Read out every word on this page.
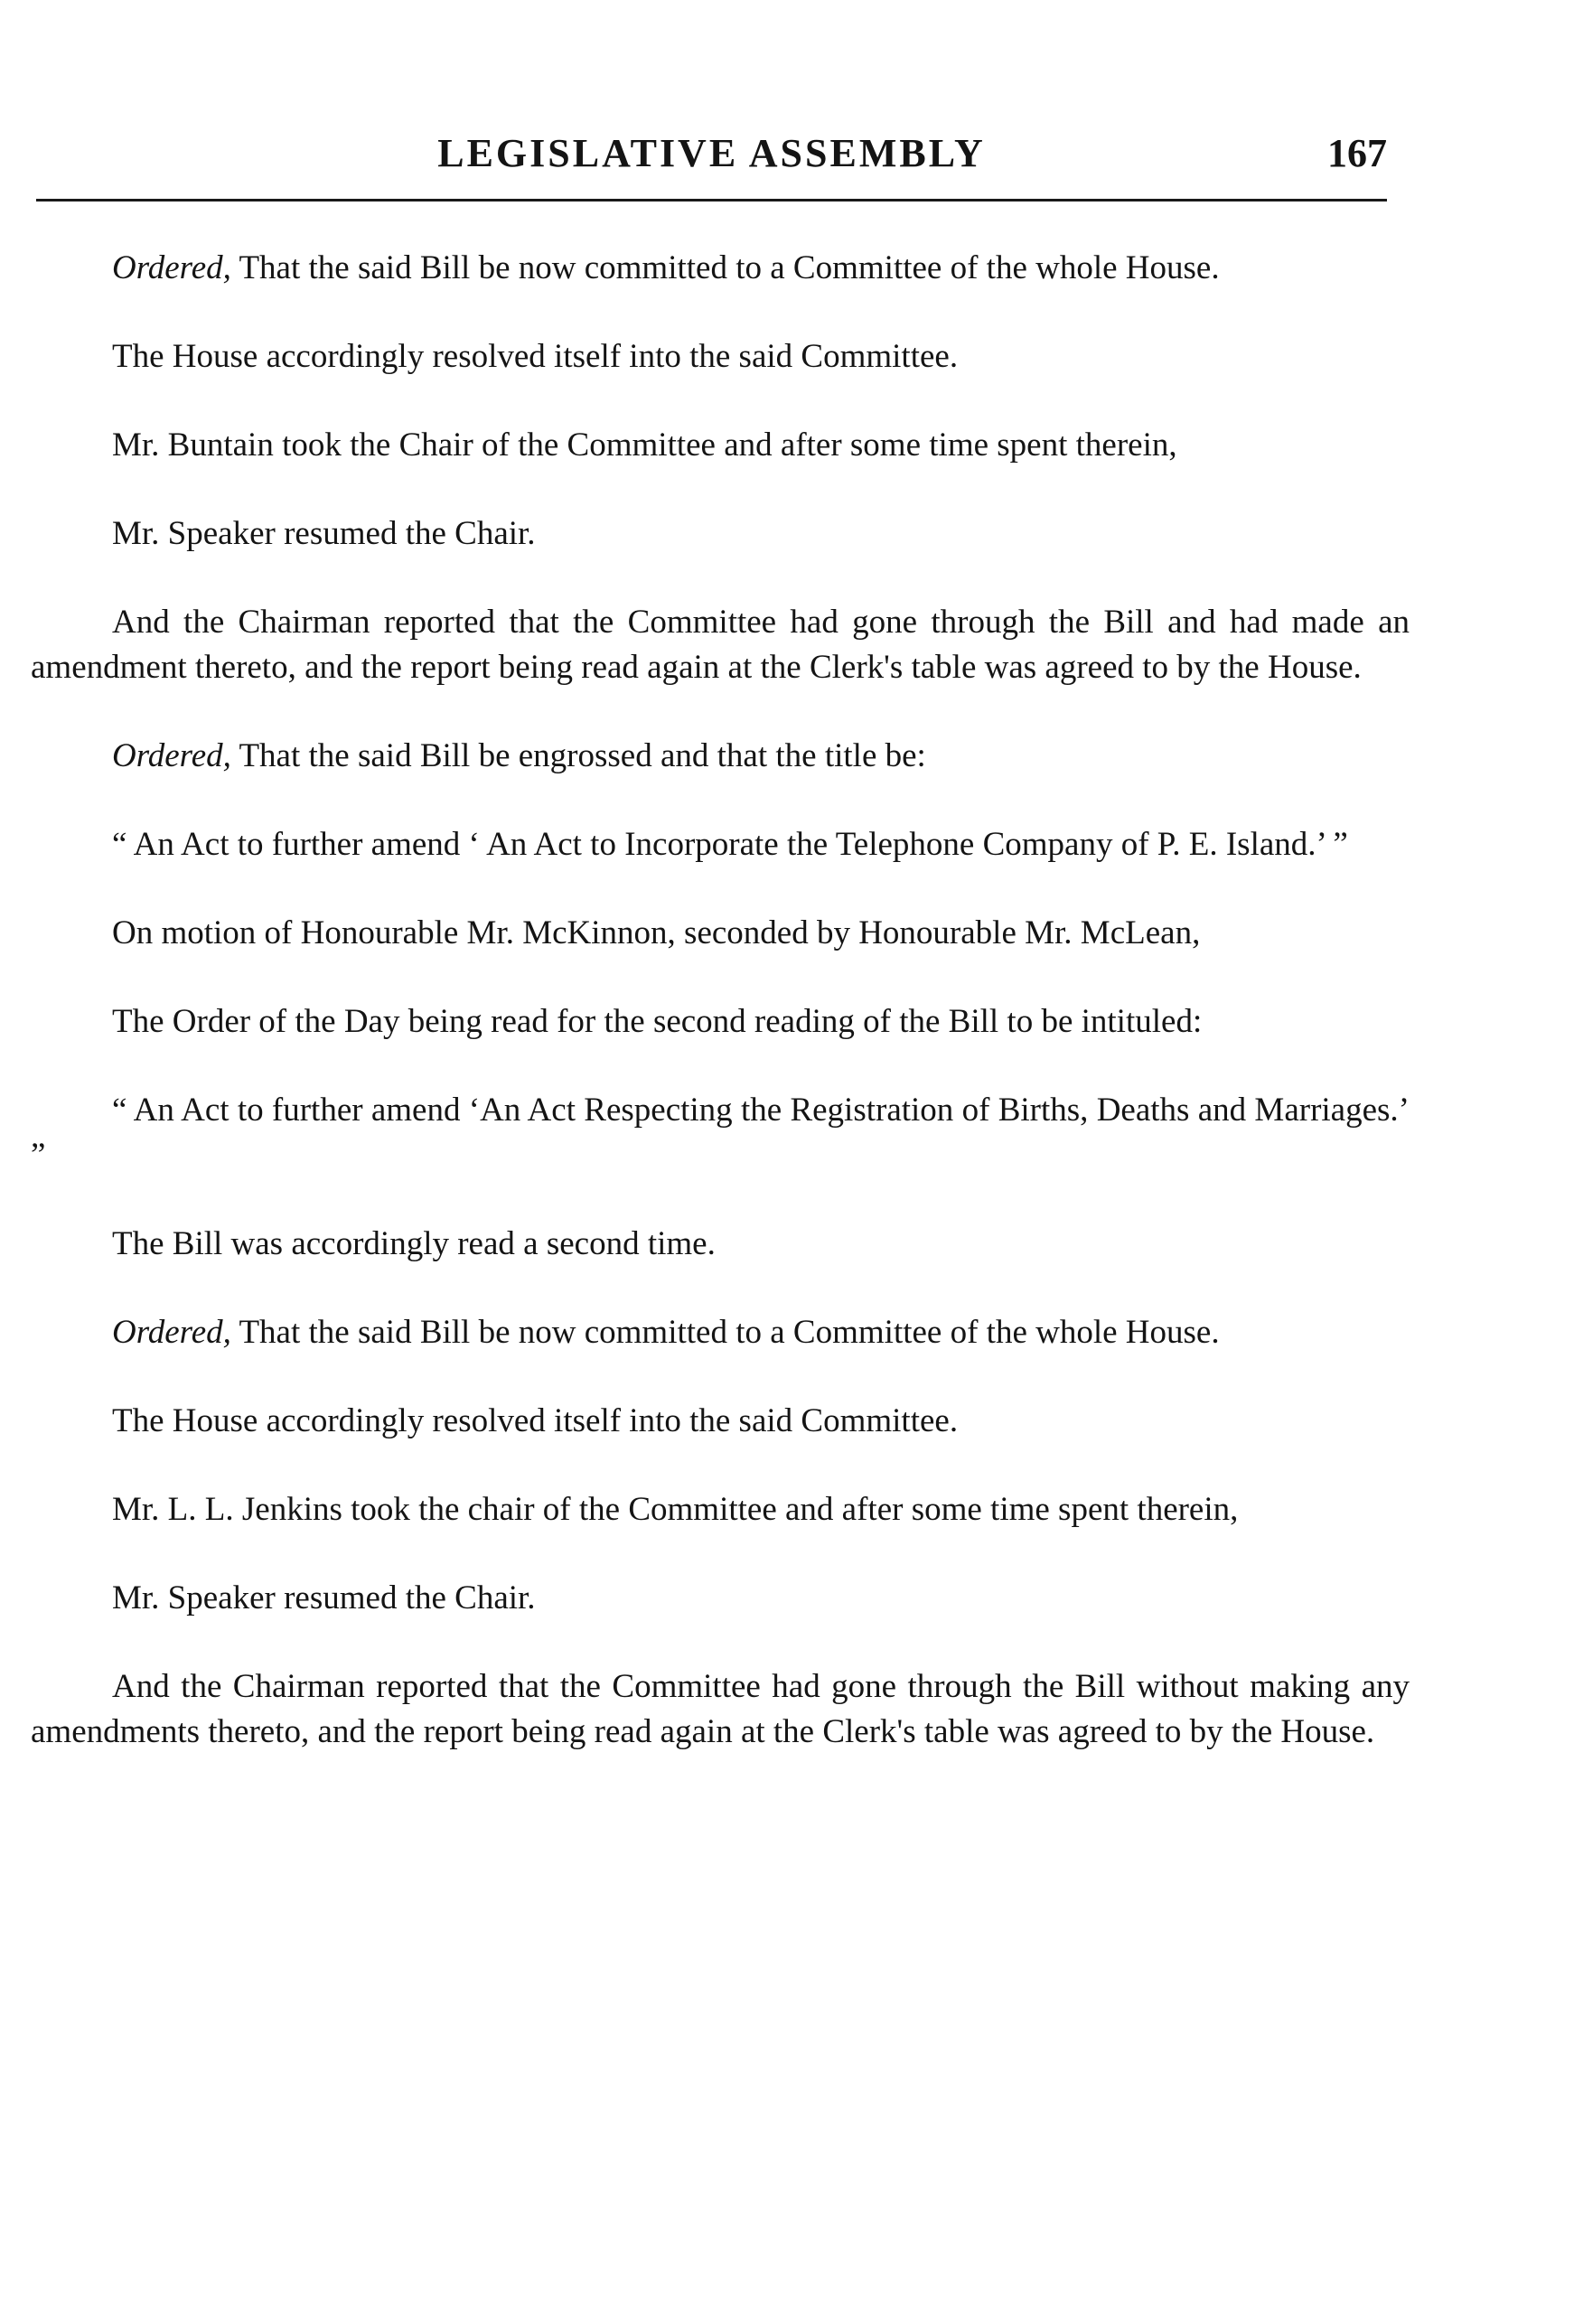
LEGISLATIVE ASSEMBLY	167

Ordered, That the said Bill be now committed to a Committee of the whole House.

The House accordingly resolved itself into the said Committee.

Mr. Buntain took the Chair of the Committee and after some time spent therein,

Mr. Speaker resumed the Chair.

And the Chairman reported that the Committee had gone through the Bill and had made an amendment thereto, and the report being read again at the Clerk's table was agreed to by the House.

Ordered, That the said Bill be engrossed and that the title be:

“ An Act to further amend ‘ An Act to Incorporate the Telephone Company of P. E. Island.’ ”

On motion of Honourable Mr. McKinnon, seconded by Honourable Mr. McLean,

The Order of the Day being read for the second reading of the Bill to be intituled:

“ An Act to further amend ‘An Act Respecting the Registration of Births, Deaths and Marriages.’ ”

The Bill was accordingly read a second time.

Ordered, That the said Bill be now committed to a Committee of the whole House.

The House accordingly resolved itself into the said Committee.

Mr. L. L. Jenkins took the chair of the Committee and after some time spent therein,

Mr. Speaker resumed the Chair.

And the Chairman reported that the Committee had gone through the Bill without making any amendments thereto, and the report being read again at the Clerk's table was agreed to by the House.
